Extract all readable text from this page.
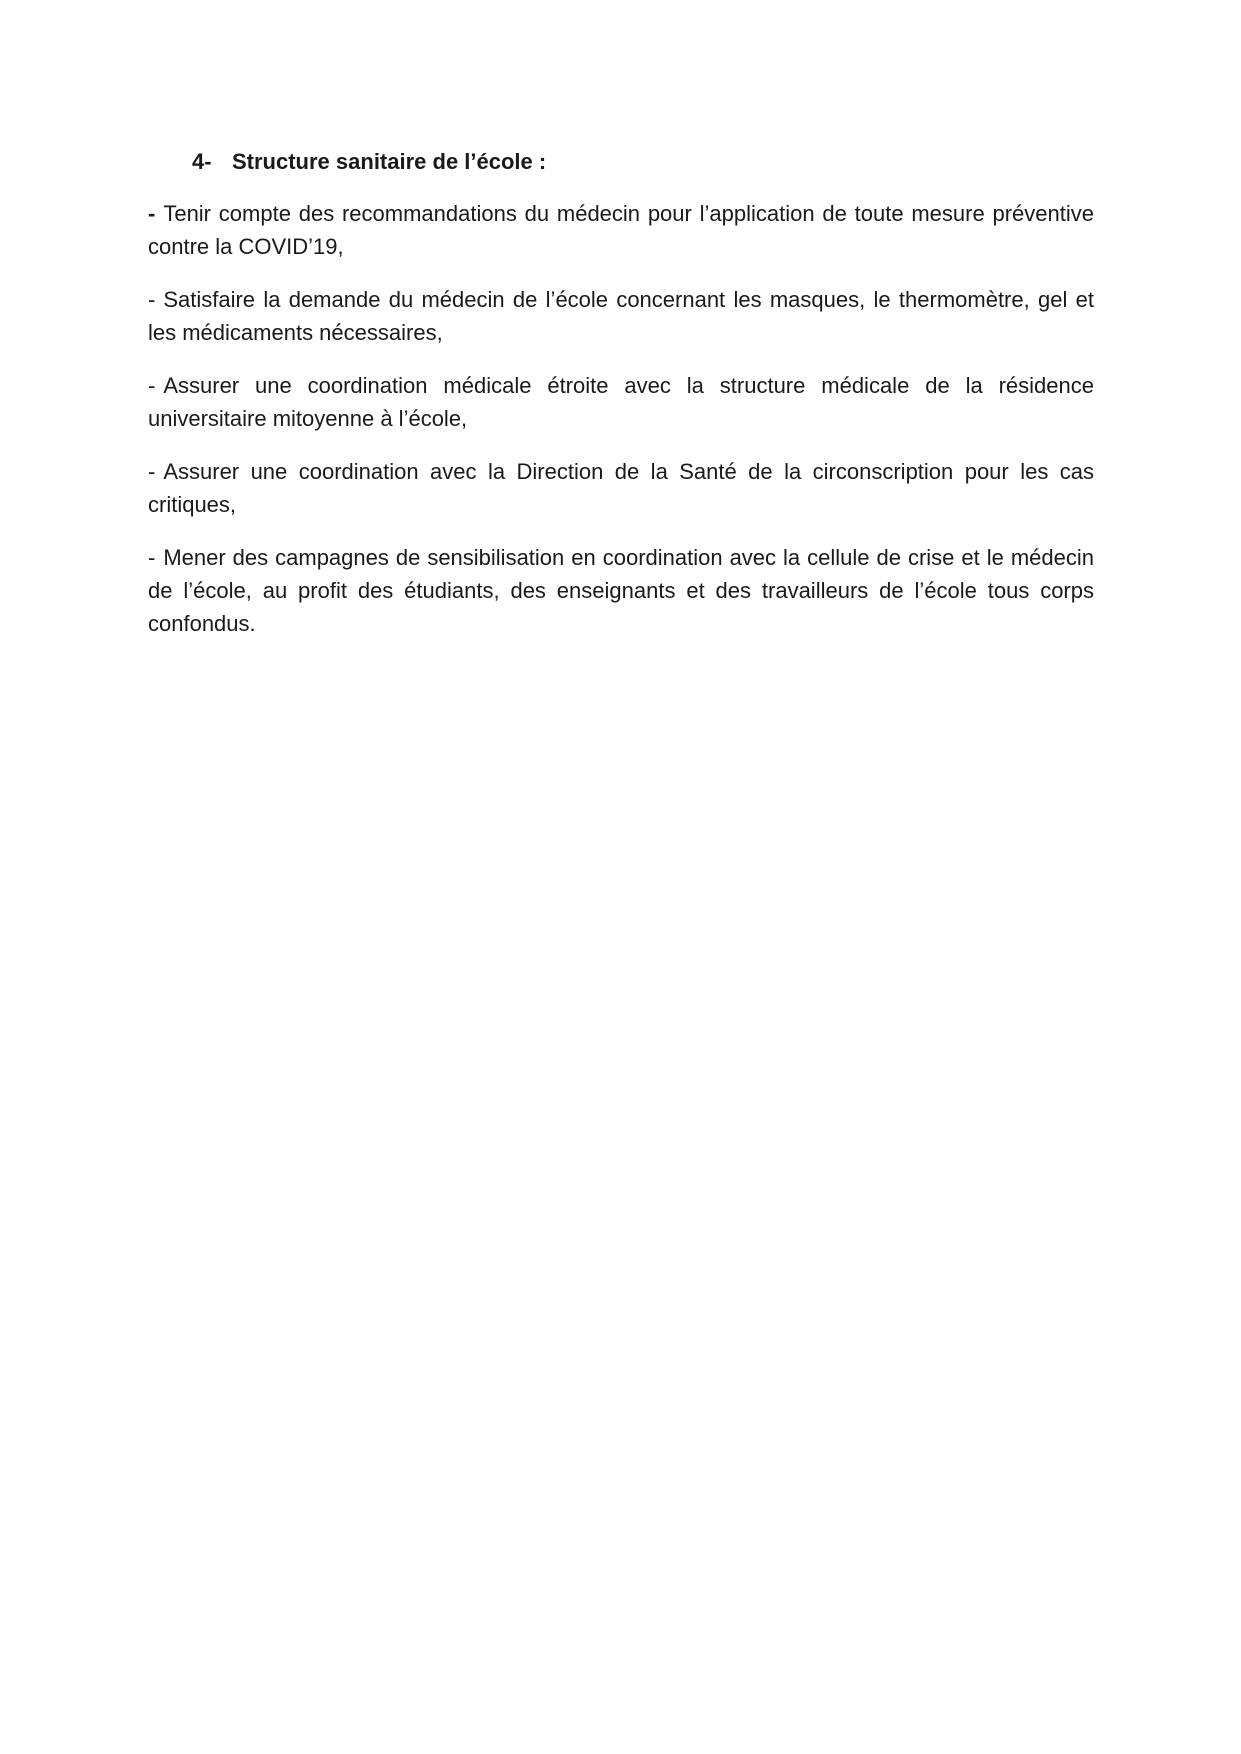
4- Structure sanitaire de l’école :

- Tenir compte des recommandations du médecin pour l’application de toute mesure préventive contre la COVID’19,

- Satisfaire la demande du médecin de l’école concernant les masques, le thermomètre, gel et les médicaments nécessaires,

- Assurer une coordination médicale étroite avec la structure médicale de la résidence universitaire mitoyenne à l’école,

- Assurer une coordination avec la Direction de la Santé de la circonscription pour les cas critiques,

- Mener des campagnes de sensibilisation en coordination avec la cellule de crise et le médecin de l’école, au profit des étudiants, des enseignants et des travailleurs de l’école tous corps confondus.
